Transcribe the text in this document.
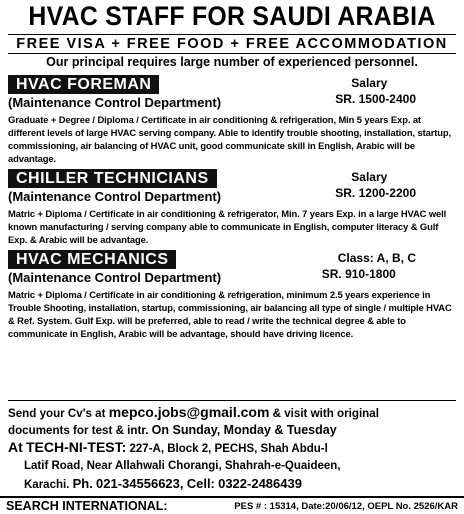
HVAC STAFF FOR SAUDI ARABIA
FREE VISA + FREE FOOD + FREE ACCOMMODATION
Our principal requires large number of experienced personnel.
HVAC FOREMAN
(Maintenance Control Department)
Salary
SR. 1500-2400
Graduate + Degree / Diploma / Certificate in air conditioning & refrigeration, Min 5 years Exp. at different levels of large HVAC serving company. Able to identify trouble shooting, installation, startup, commissioning, air balancing of HVAC unit, good communicate skill in English, Arabic will be advantage.
CHILLER TECHNICIANS
(Maintenance Control Department)
Salary
SR. 1200-2200
Matric + Diploma / Certificate in air conditioning & refrigerator, Min. 7 years Exp. in a large HVAC well known manufacturing / serving company able to communicate in English, computer literacy & Gulf Exp. & Arabic will be advantage.
HVAC MECHANICS
(Maintenance Control Department)
Class: A, B, C
SR. 910-1800
Matric + Diploma / Certificate in air conditioning & refrigeration, minimum 2.5 years experience in Trouble Shooting, installation, startup, commissioning, air balancing all type of single / multiple HVAC & Ref. System. Gulf Exp. will be preferred, able to read / write the technical degree & able to communicate in English, Arabic will be advantage, should have driving licence.
Send your Cv's at mepco.jobs@gmail.com & visit with original
documents for test & intr. On Sunday, Monday & Tuesday
At TECH-NI-TEST: 227-A, Block 2, PECHS, Shah Abdu-l
Latif Road, Near Allahwali Chorangi, Shahrah-e-Quaideen,
Karachi. Ph. 021-34556623, Cell: 0322-2486439
SEARCH INTERNATIONAL:	PES # : 15314, Date:20/06/12, OEPL No. 2526/KAR
